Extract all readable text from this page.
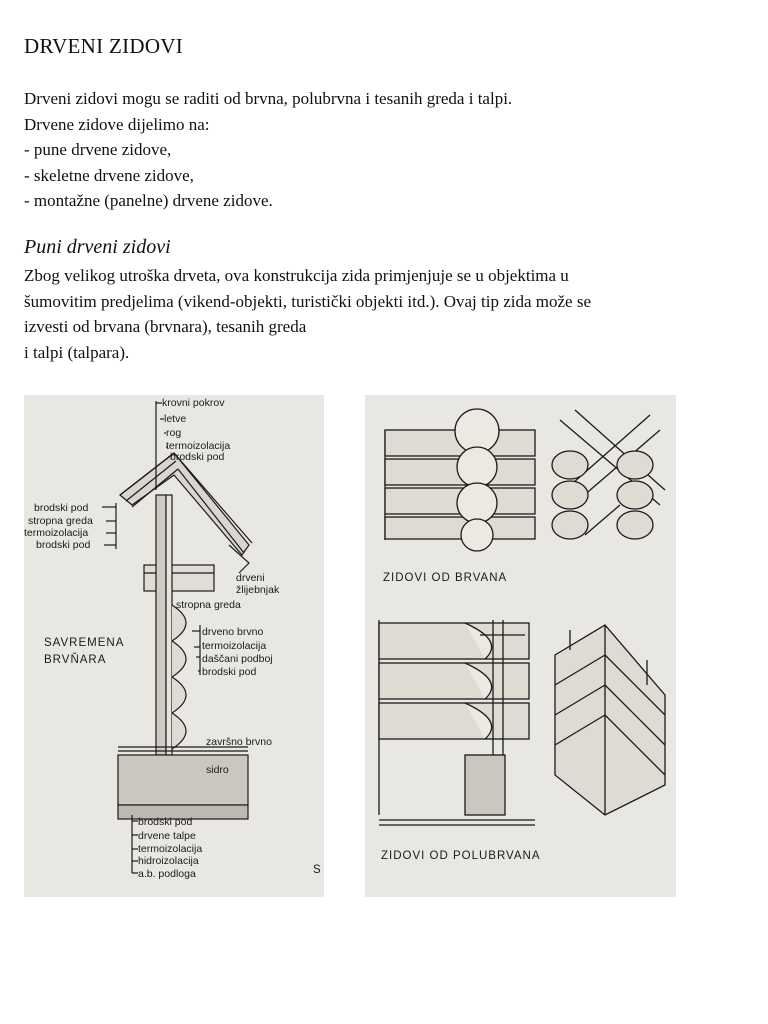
DRVENI ZIDOVI

Drveni zidovi mogu se raditi od brvna, polubrvna i tesanih greda i talpi.

Drvene zidove dijelimo na:

- pune drvene zidove,

- skeletne drvene zidove,

- montažne (panelne) drvene zidove.

Puni drveni zidovi

Zbog velikog utroška drveta, ova konstrukcija zida primjenjuje se u objektima u

šumovitim predjelima (vikend-objekti, turistički objekti itd.). Ovaj tip zida može se

izvesti od brvana (brvnara), tesanih greda

i talpi (talpara).

krovni pokrov
letve
rog
termoizolacija
brodski pod
brodski pod
stropna greda
termoizolacija
brodski pod
drveni
žlijebnjak
stropna greda
SAVREMENA
BRVŇARA
drveno brvno
termoizolacija
daščani podboj
brodski pod
završno brvno
sidro
brodski pod
drvene talpe
termoizolacija
hidroizolacija
a.b. podloga	S
ZIDOVI OD BRVANA
ZIDOVI OD POLUBRVANA
